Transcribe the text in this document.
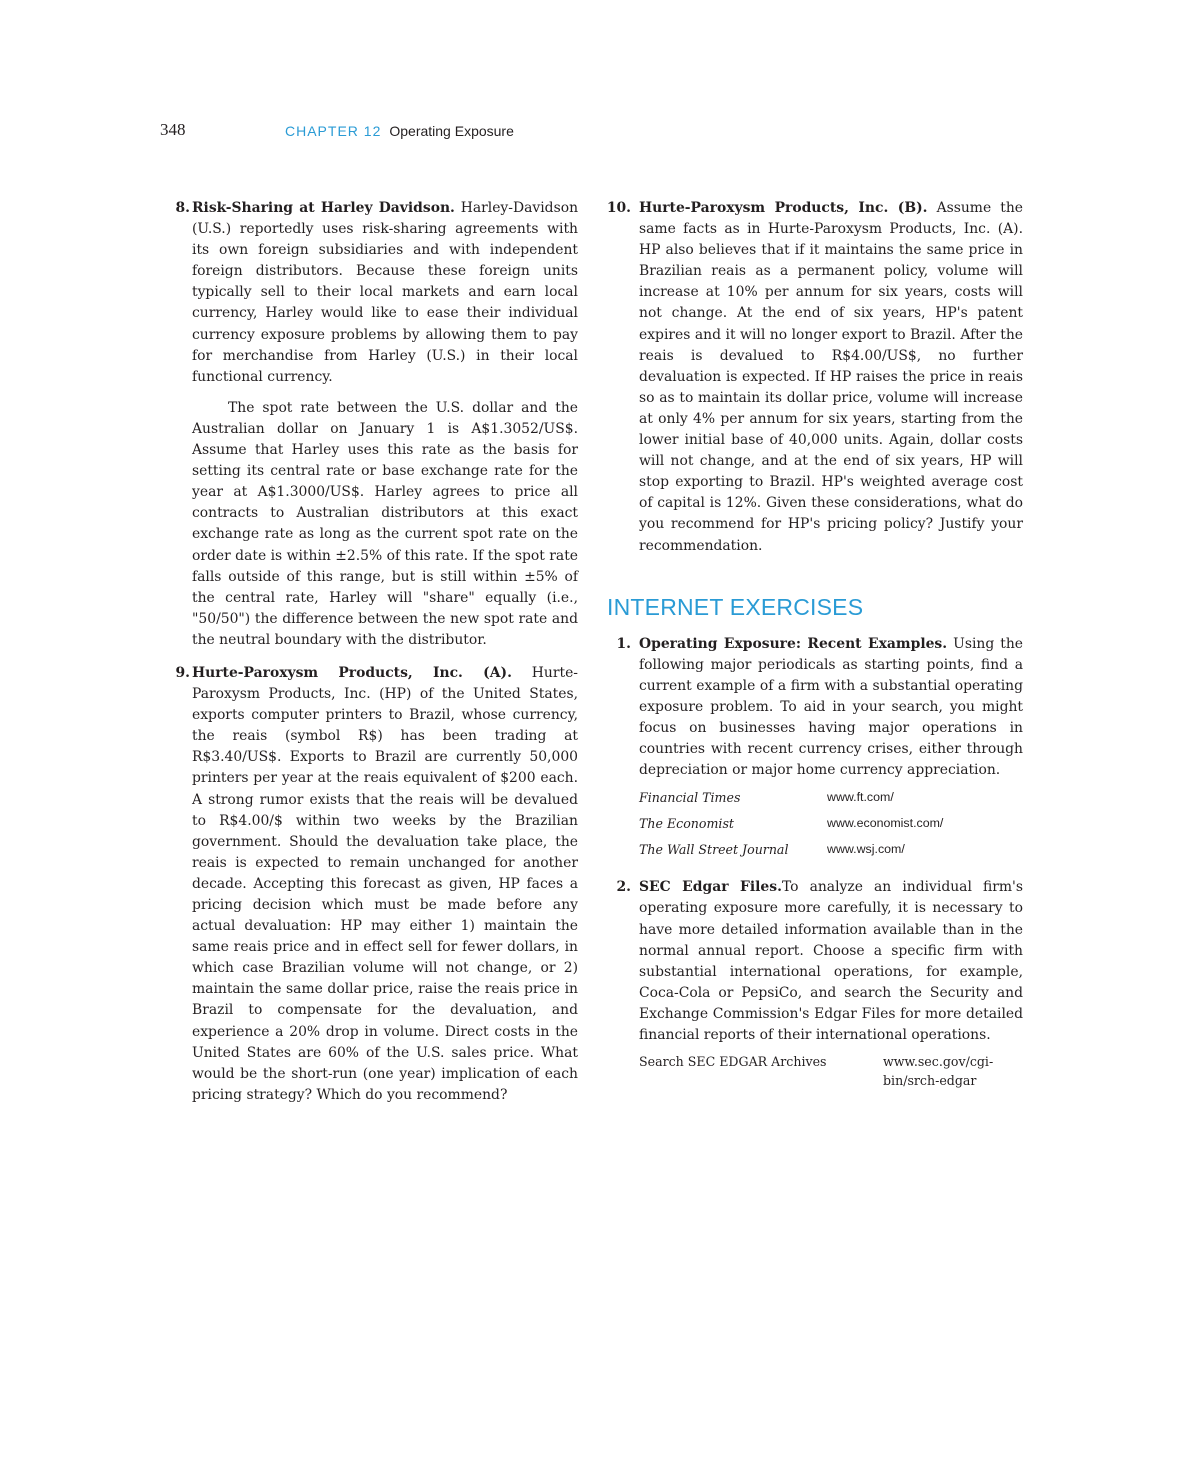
348	CHAPTER 12 Operating Exposure
8. Risk-Sharing at Harley Davidson. Harley-Davidson (U.S.) reportedly uses risk-sharing agreements with its own foreign subsidiaries and with independent foreign distributors. Because these foreign units typically sell to their local markets and earn local currency, Harley would like to ease their individual currency exposure problems by allowing them to pay for merchandise from Harley (U.S.) in their local functional currency.

The spot rate between the U.S. dollar and the Australian dollar on January 1 is A$1.3052/US$. Assume that Harley uses this rate as the basis for setting its central rate or base exchange rate for the year at A$1.3000/US$. Harley agrees to price all contracts to Australian distributors at this exact exchange rate as long as the current spot rate on the order date is within ±2.5% of this rate. If the spot rate falls outside of this range, but is still within ±5% of the central rate, Harley will "share" equally (i.e., "50/50") the difference between the new spot rate and the neutral boundary with the distributor.

9. Hurte-Paroxysm Products, Inc. (A). Hurte-Paroxysm Products, Inc. (HP) of the United States, exports computer printers to Brazil, whose currency, the reais (symbol R$) has been trading at R$3.40/US$. Exports to Brazil are currently 50,000 printers per year at the reais equivalent of $200 each. A strong rumor exists that the reais will be devalued to R$4.00/$ within two weeks by the Brazilian government. Should the devaluation take place, the reais is expected to remain unchanged for another decade. Accepting this forecast as given, HP faces a pricing decision which must be made before any actual devaluation: HP may either 1) maintain the same reais price and in effect sell for fewer dollars, in which case Brazilian volume will not change, or 2) maintain the same dollar price, raise the reais price in Brazil to compensate for the devaluation, and experience a 20% drop in volume. Direct costs in the United States are 60% of the U.S. sales price. What would be the short-run (one year) implication of each pricing strategy? Which do you recommend?

10. Hurte-Paroxysm Products, Inc. (B). Assume the same facts as in Hurte-Paroxysm Products, Inc. (A). HP also believes that if it maintains the same price in Brazilian reais as a permanent policy, volume will increase at 10% per annum for six years, costs will not change. At the end of six years, HP's patent expires and it will no longer export to Brazil. After the reais is devalued to R$4.00/US$, no further devaluation is expected. If HP raises the price in reais so as to maintain its dollar price, volume will increase at only 4% per annum for six years, starting from the lower initial base of 40,000 units. Again, dollar costs will not change, and at the end of six years, HP will stop exporting to Brazil. HP's weighted average cost of capital is 12%. Given these considerations, what do you recommend for HP's pricing policy? Justify your recommendation.

INTERNET EXERCISES
1. Operating Exposure: Recent Examples. Using the following major periodicals as starting points, find a current example of a firm with a substantial operating exposure problem. To aid in your search, you might focus on businesses having major operations in countries with recent currency crises, either through depreciation or major home currency appreciation.

Financial Times	www.ft.com/
The Economist	www.economist.com/
The Wall Street Journal	www.wsj.com/
2. SEC Edgar Files.To analyze an individual firm's operating exposure more carefully, it is necessary to have more detailed information available than in the normal annual report. Choose a specific firm with substantial international operations, for example, Coca-Cola or PepsiCo, and search the Security and Exchange Commission's Edgar Files for more detailed financial reports of their international operations.

Search SEC EDGAR Archives	www.sec.gov/cgi-bin/srch-edgar
